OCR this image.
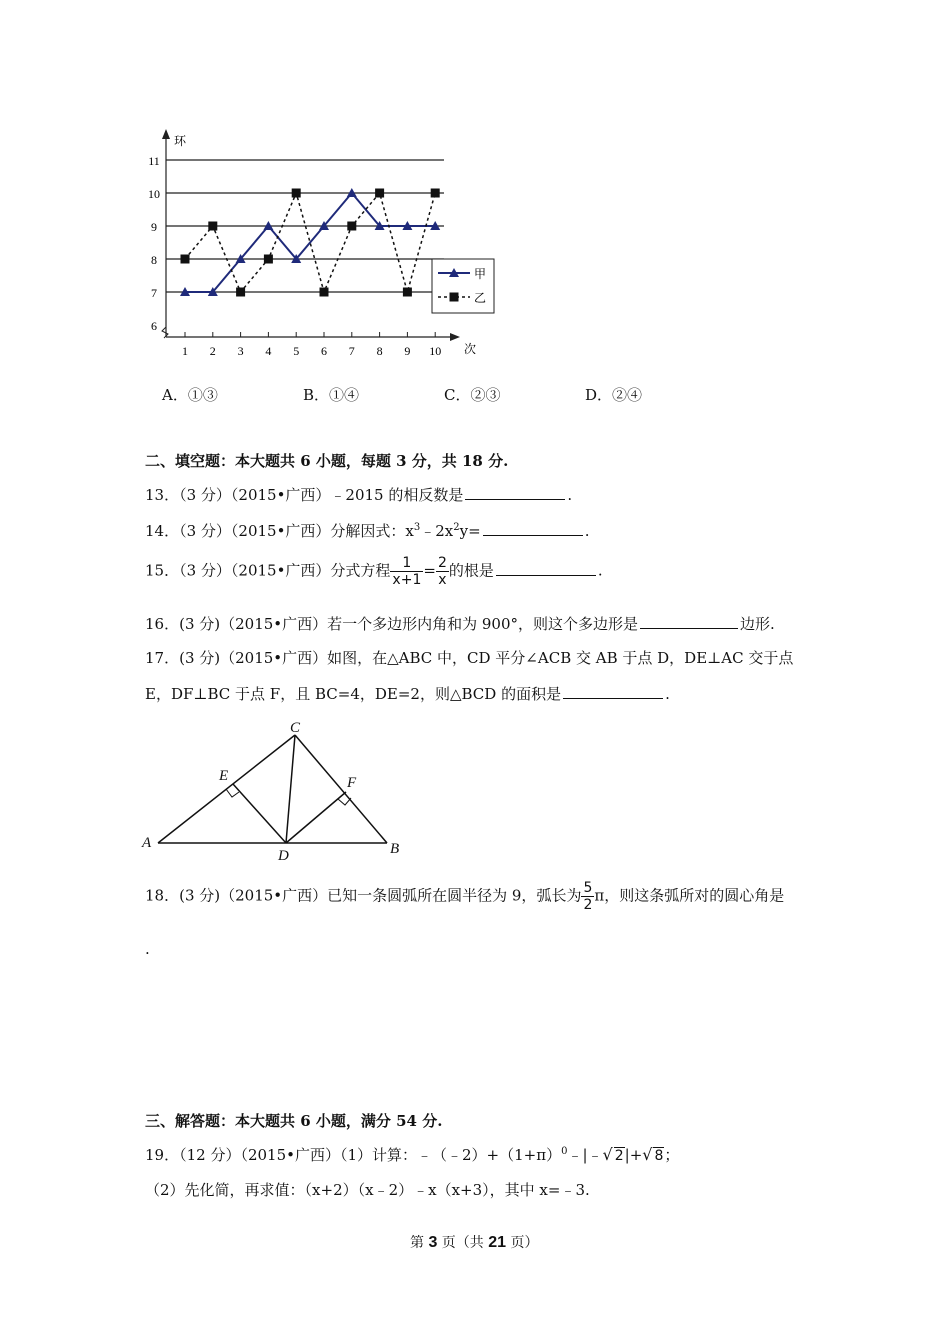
6
7
8
9
10
11
1 2 3 4 5 6 7 8 9 10
环
次
甲
乙
A．①③	B．①④	C．②③	D．②④
二、填空题：本大题共 6 小题，每题 3 分，共 18 分.
13．（3 分）（2015•广西）﹣2015 的相反数是	.
14．（3 分）（2015•广西）分解因式：$x^3﹣2x^2y=$	.
15．（3 分）（2015•广西）分式方程 $\frac{1}{x+1} = \frac{2}{x}$ 的根是	.
16．(3 分)（2015•广西）若一个多边形内角和为 900°，则这个多边形是	边形.
17．(3 分)（2015•广西）如图，在△ABC 中，CD 平分∠ACB 交 AB 于点 D，DE⊥AC 交于点
E，DF⊥BC 于点 F，且 BC=4，DE=2，则△BCD 的面积是	.
A	B
C
D
E	F
18．(3 分)（2015•广西）已知一条圆弧所在圆半径为 9，弧长为 $\frac{5}{2}$ π，则这条弧所对的圆心角是
.
三、解答题：本大题共 6 小题，满分 54 分.
19．（12 分）（2015•广西）（1）计算：$﹣(﹣2)+(1+\pi)^0﹣|﹣√$ 2|+√ 8；
（2）先化简，再求值：（x+2）（x﹣2）﹣x（x+3），其中 x=﹣3.
第 3 页（共 21 页）
